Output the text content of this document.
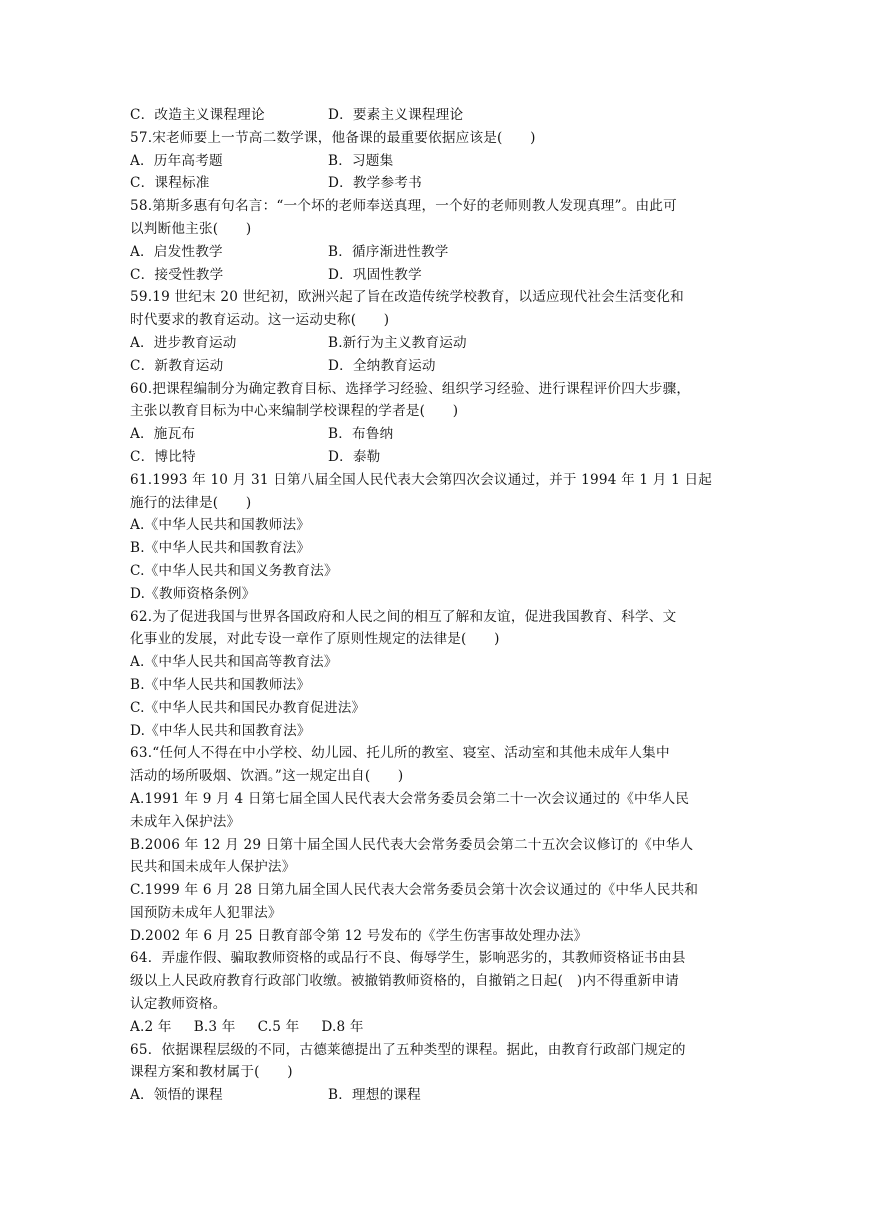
C．改造主义课程理论	D．要素主义课程理论
57.宋老师要上一节高二数学课，他备课的最重要依据应该是(　　)
A．历年高考题	B．习题集
C．课程标准	D．教学参考书
58.第斯多惠有句名言：“一个坏的老师奉送真理，一个好的老师则教人发现真理”。由此可
以判断他主张(　　)
A．启发性教学	B．循序渐进性教学
C．接受性教学	D．巩固性教学
59.19 世纪末 20 世纪初，欧洲兴起了旨在改造传统学校教育，以适应现代社会生活变化和
时代要求的教育运动。这一运动史称(　　)
A．进步教育运动	B.新行为主义教育运动
C．新教育运动	D．全纳教育运动
60.把课程编制分为确定教育目标、选择学习经验、组织学习经验、进行课程评价四大步骤，
主张以教育目标为中心来编制学校课程的学者是(　　)
A．施瓦布	B．布鲁纳
C．博比特	D．泰勒
61.1993 年 10 月 31 日第八届全国人民代表大会第四次会议通过，并于 1994 年 1 月 1 日起
施行的法律是(　　)
A.《中华人民共和国教师法》
B.《中华人民共和国教育法》
C.《中华人民共和国义务教育法》
D.《教师资格条例》
62.为了促进我国与世界各国政府和人民之间的相互了解和友谊，促进我国教育、科学、文
化事业的发展，对此专设一章作了原则性规定的法律是(　　)
A.《中华人民共和国高等教育法》
B.《中华人民共和国教师法》
C.《中华人民共和国民办教育促进法》
D.《中华人民共和国教育法》
63.“任何人不得在中小学校、幼儿园、托儿所的教室、寝室、活动室和其他未成年人集中
活动的场所吸烟、饮酒。”这一规定出自(　　)
A.1991 年 9 月 4 日第七届全国人民代表大会常务委员会第二十一次会议通过的《中华人民
未成年入保护法》
B.2006 年 12 月 29 日第十届全国人民代表大会常务委员会第二十五次会议修订的《中华人
民共和国未成年人保护法》
C.1999 年 6 月 28 日第九届全国人民代表大会常务委员会第十次会议通过的《中华人民共和
国预防未成年人犯罪法》
D.2002 年 6 月 25 日教育部令第 12 号发布的《学生伤害事故处理办法》
64．弄虚作假、骗取教师资格的或品行不良、侮辱学生，影响恶劣的，其教师资格证书由县
级以上人民政府教育行政部门收缴。被撤销教师资格的，自撤销之日起(　)内不得重新申请
认定教师资格。
A.2 年 B.3 年 C.5 年 D.8 年
65．依据课程层级的不同，古德莱德提出了五种类型的课程。据此，由教育行政部门规定的
课程方案和教材属于(　　)
A．领悟的课程	B．理想的课程
